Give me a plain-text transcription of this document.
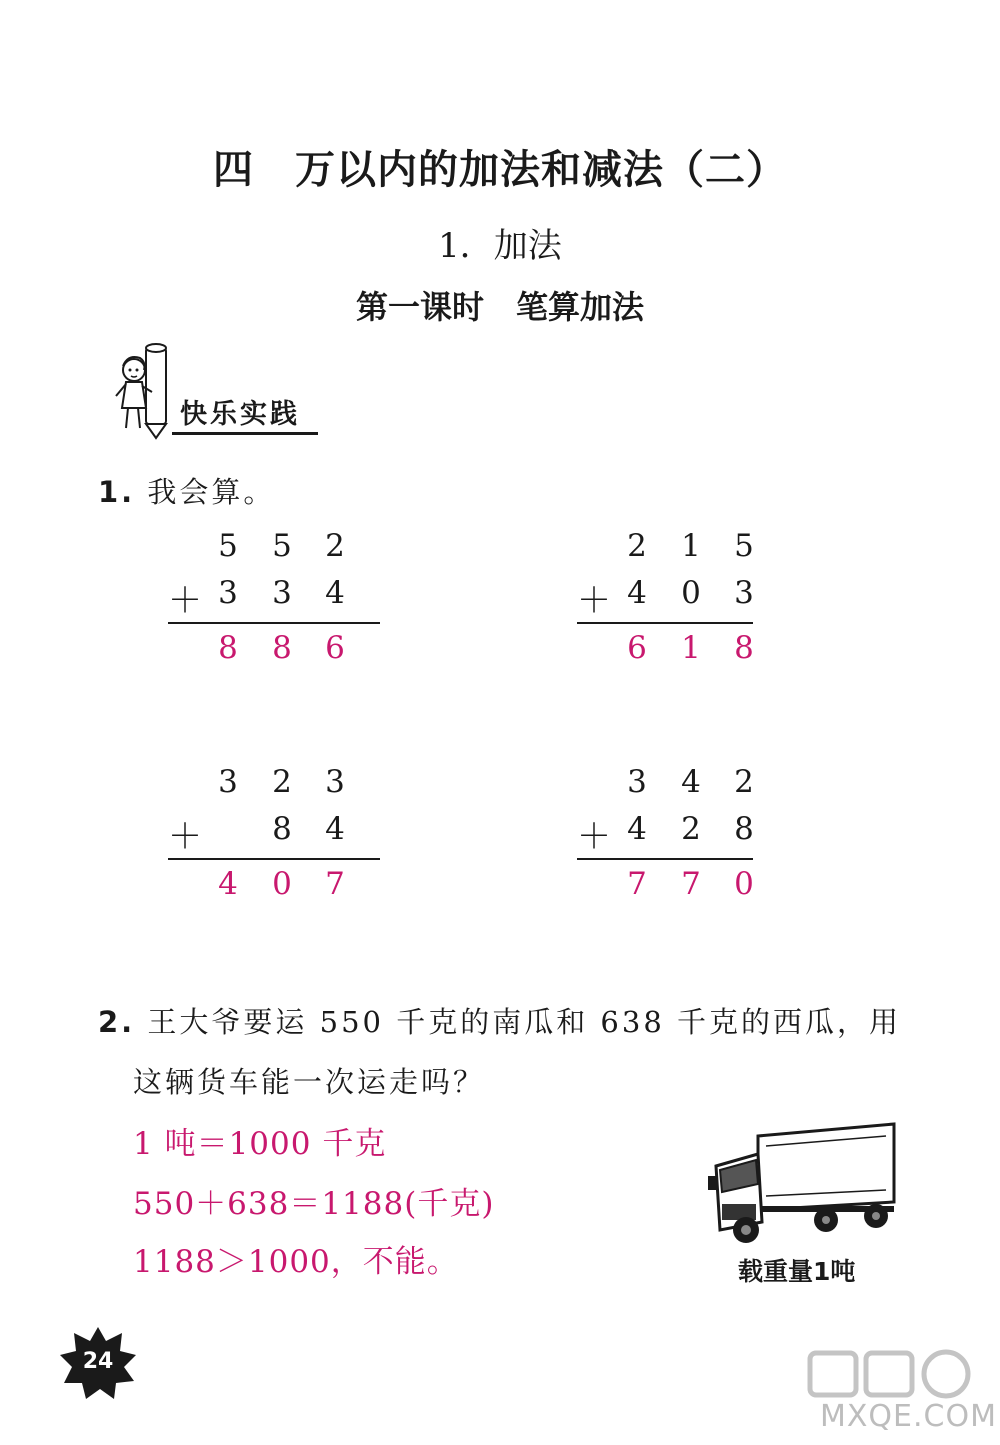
四　万以内的加法和减法（二）
1．加法
第一课时　笔算加法
快乐实践
1. 我会算。
5 5 2
＋ 3 3 4
8 8 6
2 1 5
＋ 4 0 3
6 1 8
3 2 3
＋ 8 4
4 0 7
3 4 2
＋ 4 2 8
7 7 0
2. 王大爷要运 550 千克的南瓜和 638 千克的西瓜，用
这辆货车能一次运走吗？
1 吨＝1000 千克
550＋638＝1188(千克)
1188＞1000，不能。	载重量1吨
24
MXQE.COM
